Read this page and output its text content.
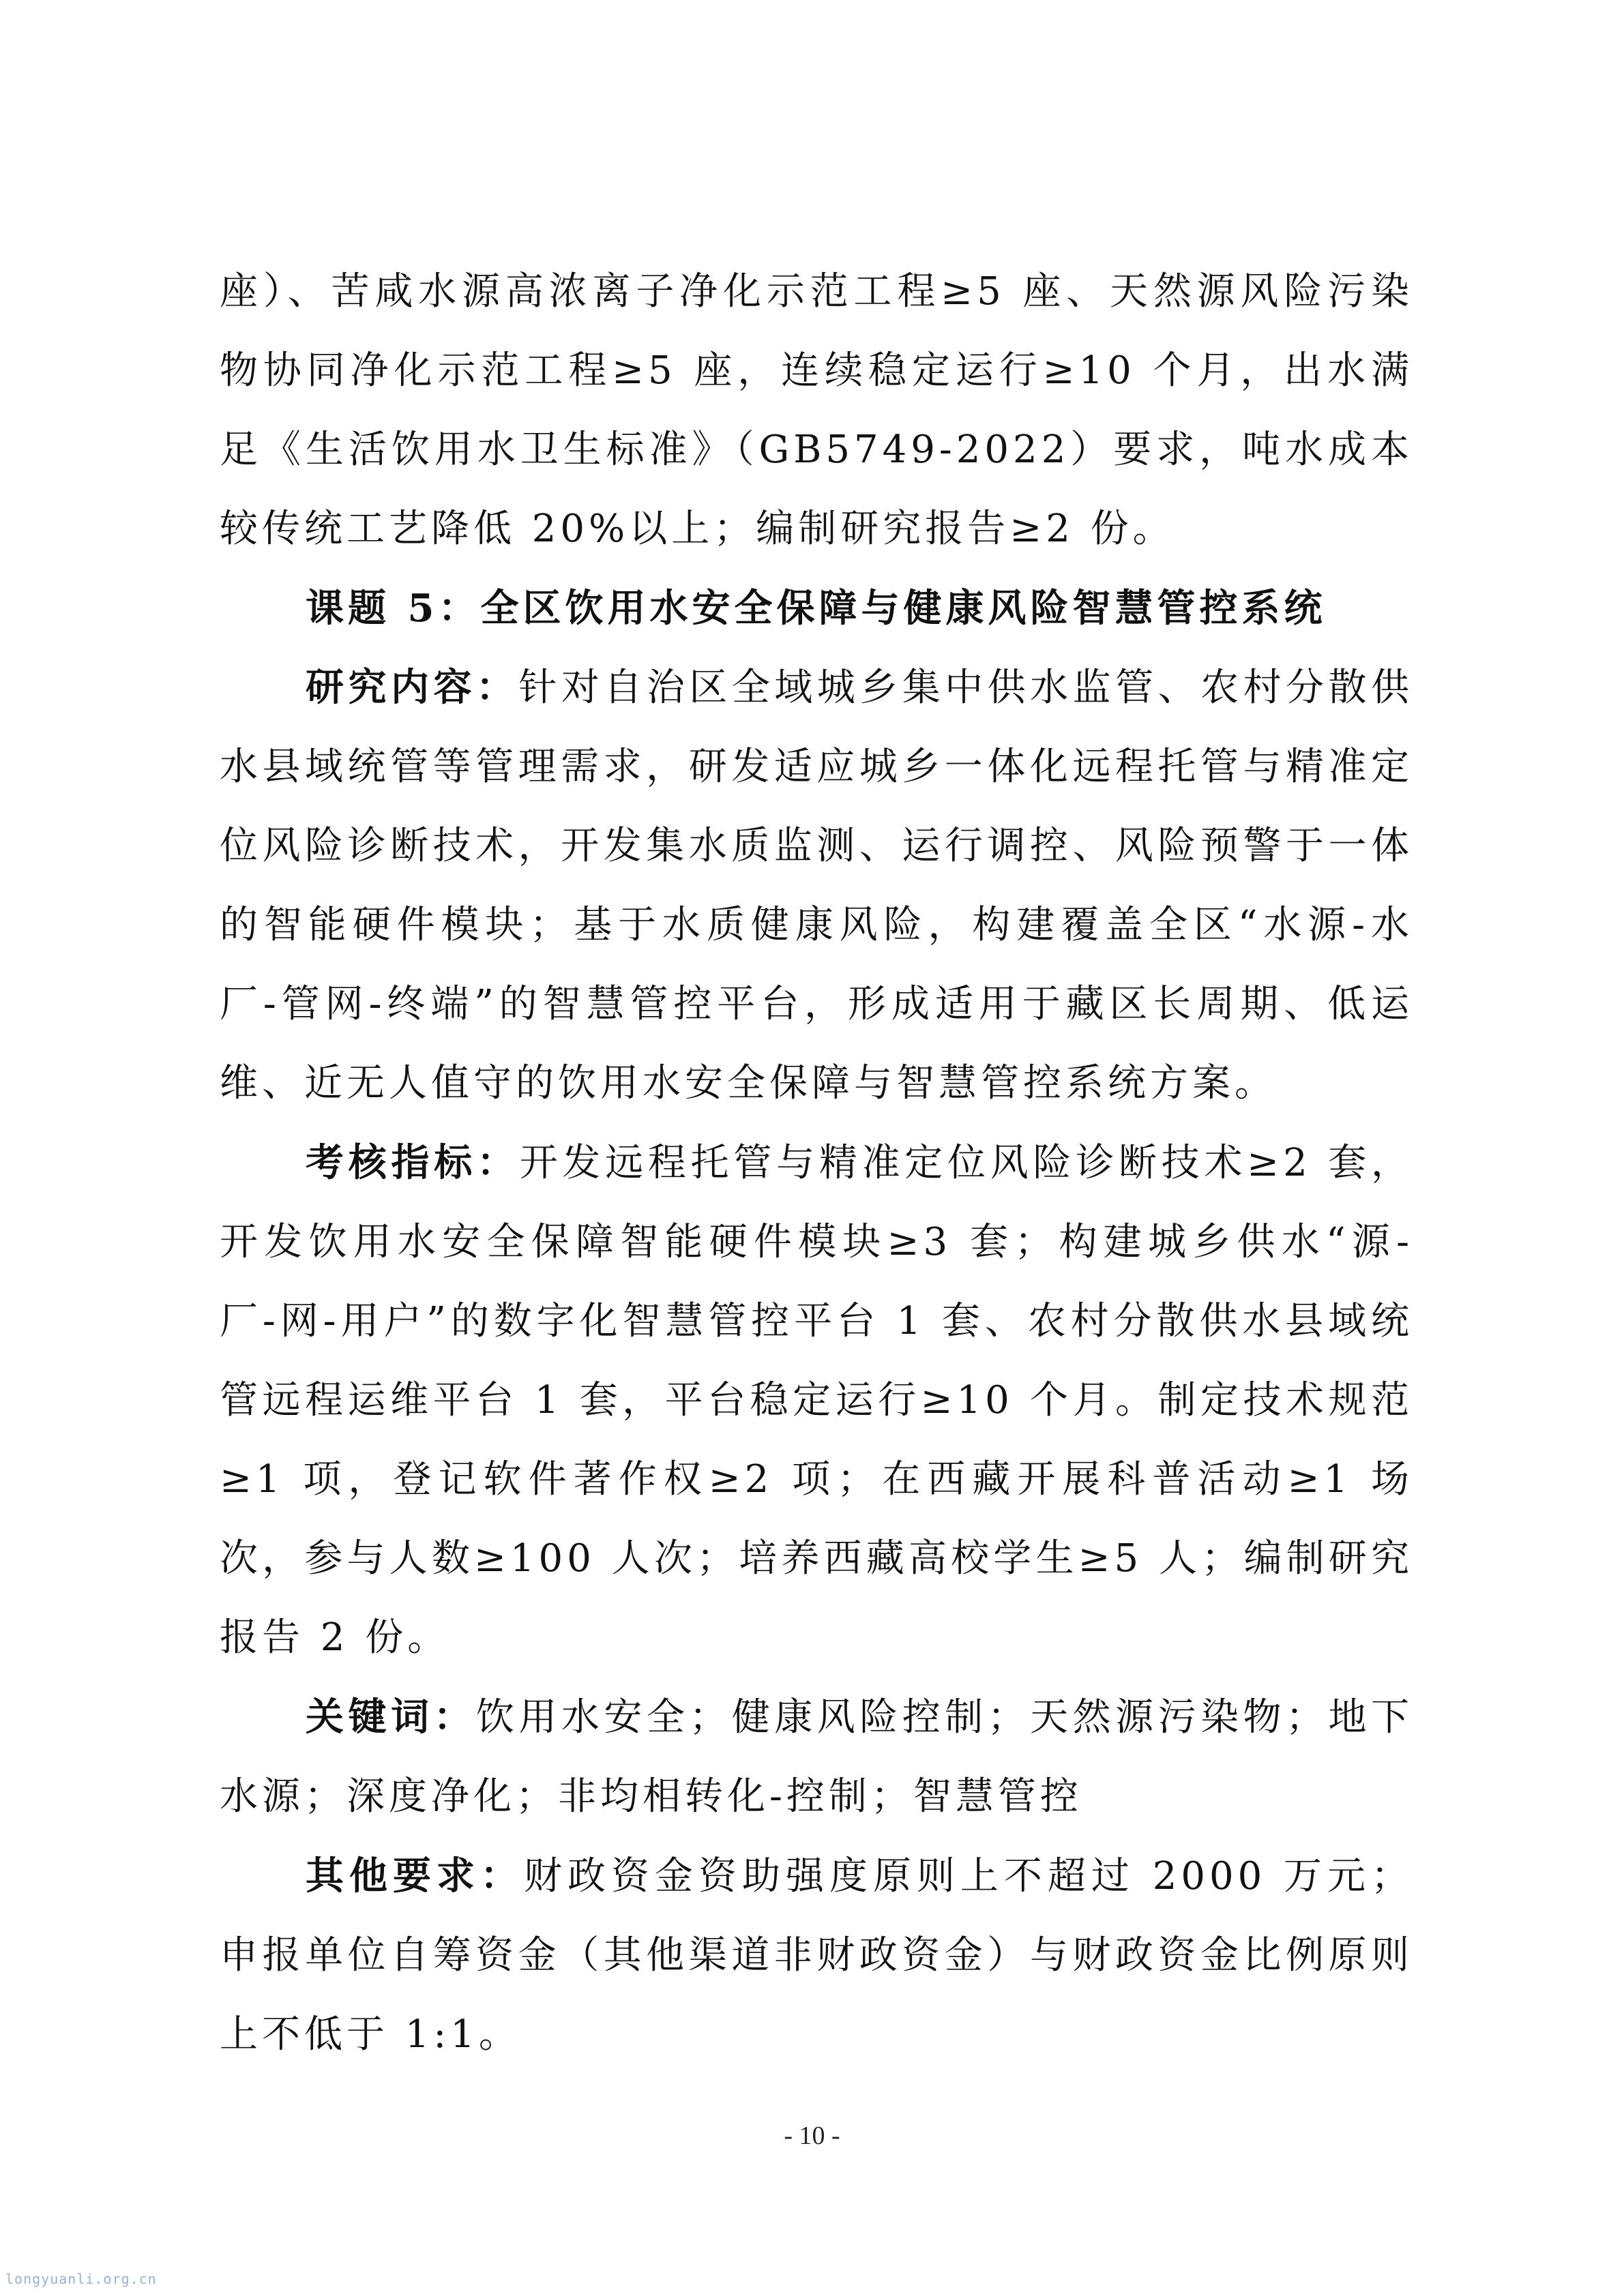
座）、苦咸水源高浓离子净化示范工程≥5 座、天然源风险污染物协同净化示范工程≥5 座，连续稳定运行≥10 个月，出水满足《生活饮用水卫生标准》（GB5749-2022）要求，吨水成本较传统工艺降低 20%以上；编制研究报告≥2 份。

课题 5：全区饮用水安全保障与健康风险智慧管控系统

研究内容：针对自治区全域城乡集中供水监管、农村分散供水县域统管等管理需求，研发适应城乡一体化远程托管与精准定位风险诊断技术，开发集水质监测、运行调控、风险预警于一体的智能硬件模块；基于水质健康风险，构建覆盖全区“水源-水厂-管网-终端”的智慧管控平台，形成适用于藏区长周期、低运维、近无人值守的饮用水安全保障与智慧管控系统方案。

考核指标：开发远程托管与精准定位风险诊断技术≥2 套，开发饮用水安全保障智能硬件模块≥3 套；构建城乡供水“源-厂-网-用户”的数字化智慧管控平台 1 套、农村分散供水县域统管远程运维平台 1 套，平台稳定运行≥10 个月。制定技术规范≥1 项，登记软件著作权≥2 项；在西藏开展科普活动≥1 场次，参与人数≥100 人次；培养西藏高校学生≥5 人；编制研究报告 2 份。

关键词：饮用水安全；健康风险控制；天然源污染物；地下水源；深度净化；非均相转化-控制；智慧管控

其他要求：财政资金资助强度原则上不超过 2000 万元；申报单位自筹资金（其他渠道非财政资金）与财政资金比例原则上不低于 1:1。

- 10 -
longyuanli.org.cn
